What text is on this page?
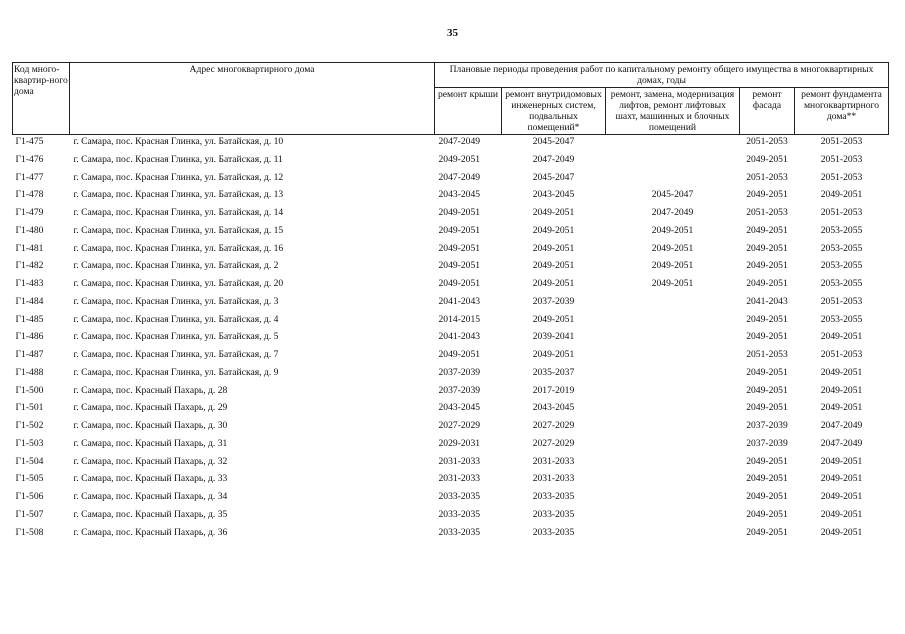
35
Код много-квартир-ного дома	Адрес многоквартирного дома	Плановые периоды проведения работ по капитальному ремонту общего имущества в многоквартирных домах, годы				
		ремонт крыши	ремонт внутридомовых инженерных систем, подвальных помещений*	ремонт, замена, модернизация лифтов, ремонт лифтовых шахт, машинных и блочных помещений	ремонт фасада	ремонт фундамента многоквартирного дома**
Г1-475	г. Самара, пос. Красная Глинка, ул. Батайская, д. 10	2047-2049	2045-2047		2051-2053	2051-2053
Г1-476	г. Самара, пос. Красная Глинка, ул. Батайская, д. 11	2049-2051	2047-2049		2049-2051	2051-2053
Г1-477	г. Самара, пос. Красная Глинка, ул. Батайская, д. 12	2047-2049	2045-2047		2051-2053	2051-2053
Г1-478	г. Самара, пос. Красная Глинка, ул. Батайская, д. 13	2043-2045	2043-2045	2045-2047	2049-2051	2049-2051
Г1-479	г. Самара, пос. Красная Глинка, ул. Батайская, д. 14	2049-2051	2049-2051	2047-2049	2051-2053	2051-2053
Г1-480	г. Самара, пос. Красная Глинка, ул. Батайская, д. 15	2049-2051	2049-2051	2049-2051	2049-2051	2053-2055
Г1-481	г. Самара, пос. Красная Глинка, ул. Батайская, д. 16	2049-2051	2049-2051	2049-2051	2049-2051	2053-2055
Г1-482	г. Самара, пос. Красная Глинка, ул. Батайская, д. 2	2049-2051	2049-2051	2049-2051	2049-2051	2053-2055
Г1-483	г. Самара, пос. Красная Глинка, ул. Батайская, д. 20	2049-2051	2049-2051	2049-2051	2049-2051	2053-2055
Г1-484	г. Самара, пос. Красная Глинка, ул. Батайская, д. 3	2041-2043	2037-2039		2041-2043	2051-2053
Г1-485	г. Самара, пос. Красная Глинка, ул. Батайская, д. 4	2014-2015	2049-2051		2049-2051	2053-2055
Г1-486	г. Самара, пос. Красная Глинка, ул. Батайская, д. 5	2041-2043	2039-2041		2049-2051	2049-2051
Г1-487	г. Самара, пос. Красная Глинка, ул. Батайская, д. 7	2049-2051	2049-2051		2051-2053	2051-2053
Г1-488	г. Самара, пос. Красная Глинка, ул. Батайская, д. 9	2037-2039	2035-2037		2049-2051	2049-2051
Г1-500	г. Самара, пос. Красный Пахарь, д. 28	2037-2039	2017-2019		2049-2051	2049-2051
Г1-501	г. Самара, пос. Красный Пахарь, д. 29	2043-2045	2043-2045		2049-2051	2049-2051
Г1-502	г. Самара, пос. Красный Пахарь, д. 30	2027-2029	2027-2029		2037-2039	2047-2049
Г1-503	г. Самара, пос. Красный Пахарь, д. 31	2029-2031	2027-2029		2037-2039	2047-2049
Г1-504	г. Самара, пос. Красный Пахарь, д. 32	2031-2033	2031-2033		2049-2051	2049-2051
Г1-505	г. Самара, пос. Красный Пахарь, д. 33	2031-2033	2031-2033		2049-2051	2049-2051
Г1-506	г. Самара, пос. Красный Пахарь, д. 34	2033-2035	2033-2035		2049-2051	2049-2051
Г1-507	г. Самара, пос. Красный Пахарь, д. 35	2033-2035	2033-2035		2049-2051	2049-2051
Г1-508	г. Самара, пос. Красный Пахарь, д. 36	2033-2035	2033-2035		2049-2051	2049-2051
